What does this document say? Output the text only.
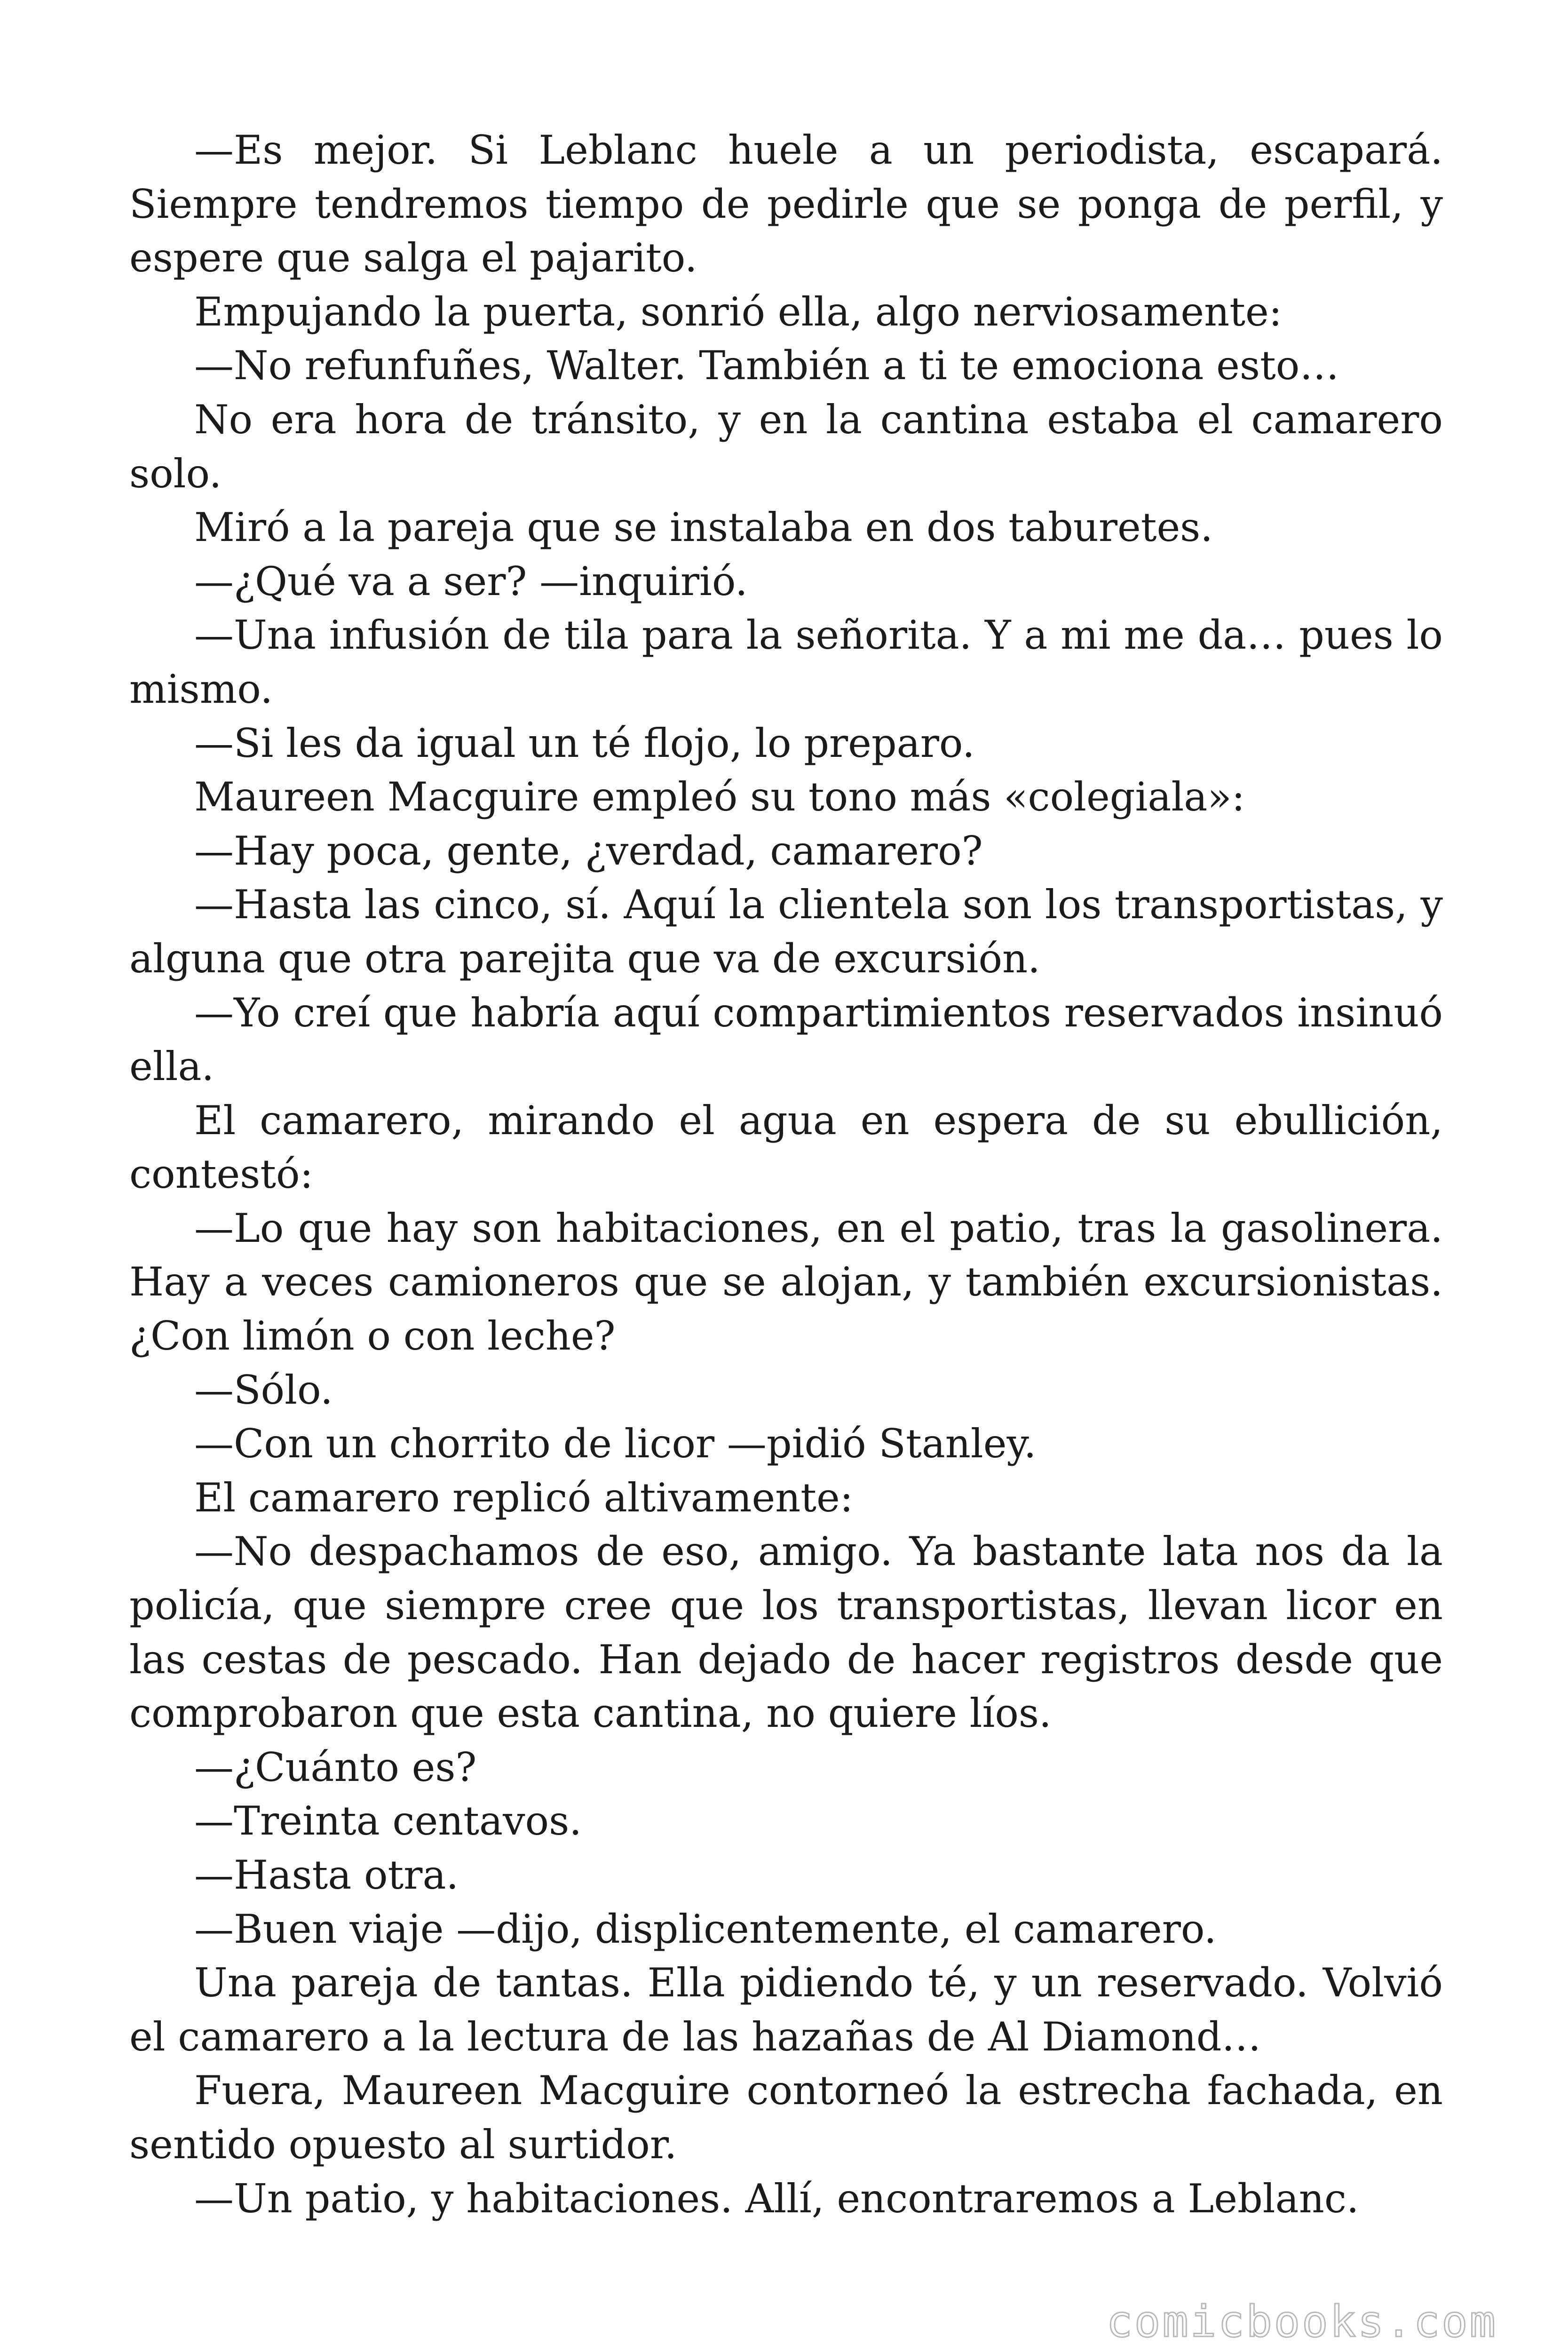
—Es mejor. Si Leblanc huele a un periodista, escapará. Siempre tendremos tiempo de pedirle que se ponga de perfil, y espere que salga el pajarito.

Empujando la puerta, sonrió ella, algo nerviosamente:

—No refunfuñes, Walter. También a ti te emociona esto…

No era hora de tránsito, y en la cantina estaba el camarero solo.

Miró a la pareja que se instalaba en dos taburetes.

—¿Qué va a ser? —inquirió.

—Una infusión de tila para la señorita. Y a mi me da… pues lo mismo.

—Si les da igual un té flojo, lo preparo.

Maureen Macguire empleó su tono más «colegiala»:

—Hay poca, gente, ¿verdad, camarero?

—Hasta las cinco, sí. Aquí la clientela son los transportistas, y alguna que otra parejita que va de excursión.

—Yo creí que habría aquí compartimientos reservados insinuó ella.

El camarero, mirando el agua en espera de su ebullición, contestó:

—Lo que hay son habitaciones, en el patio, tras la gasolinera. Hay a veces camioneros que se alojan, y también excursionistas. ¿Con limón o con leche?

—Sólo.

—Con un chorrito de licor —pidió Stanley.

El camarero replicó altivamente:

—No despachamos de eso, amigo. Ya bastante lata nos da la policía, que siempre cree que los transportistas, llevan licor en las cestas de pescado. Han dejado de hacer registros desde que comprobaron que esta cantina, no quiere líos.

—¿Cuánto es?

—Treinta centavos.

—Hasta otra.

—Buen viaje —dijo, displicentemente, el camarero.

Una pareja de tantas. Ella pidiendo té, y un reservado. Volvió el camarero a la lectura de las hazañas de Al Diamond…

Fuera, Maureen Macguire contorneó la estrecha fachada, en sentido opuesto al surtidor.

—Un patio, y habitaciones. Allí, encontraremos a Leblanc.

comicbooks.com
